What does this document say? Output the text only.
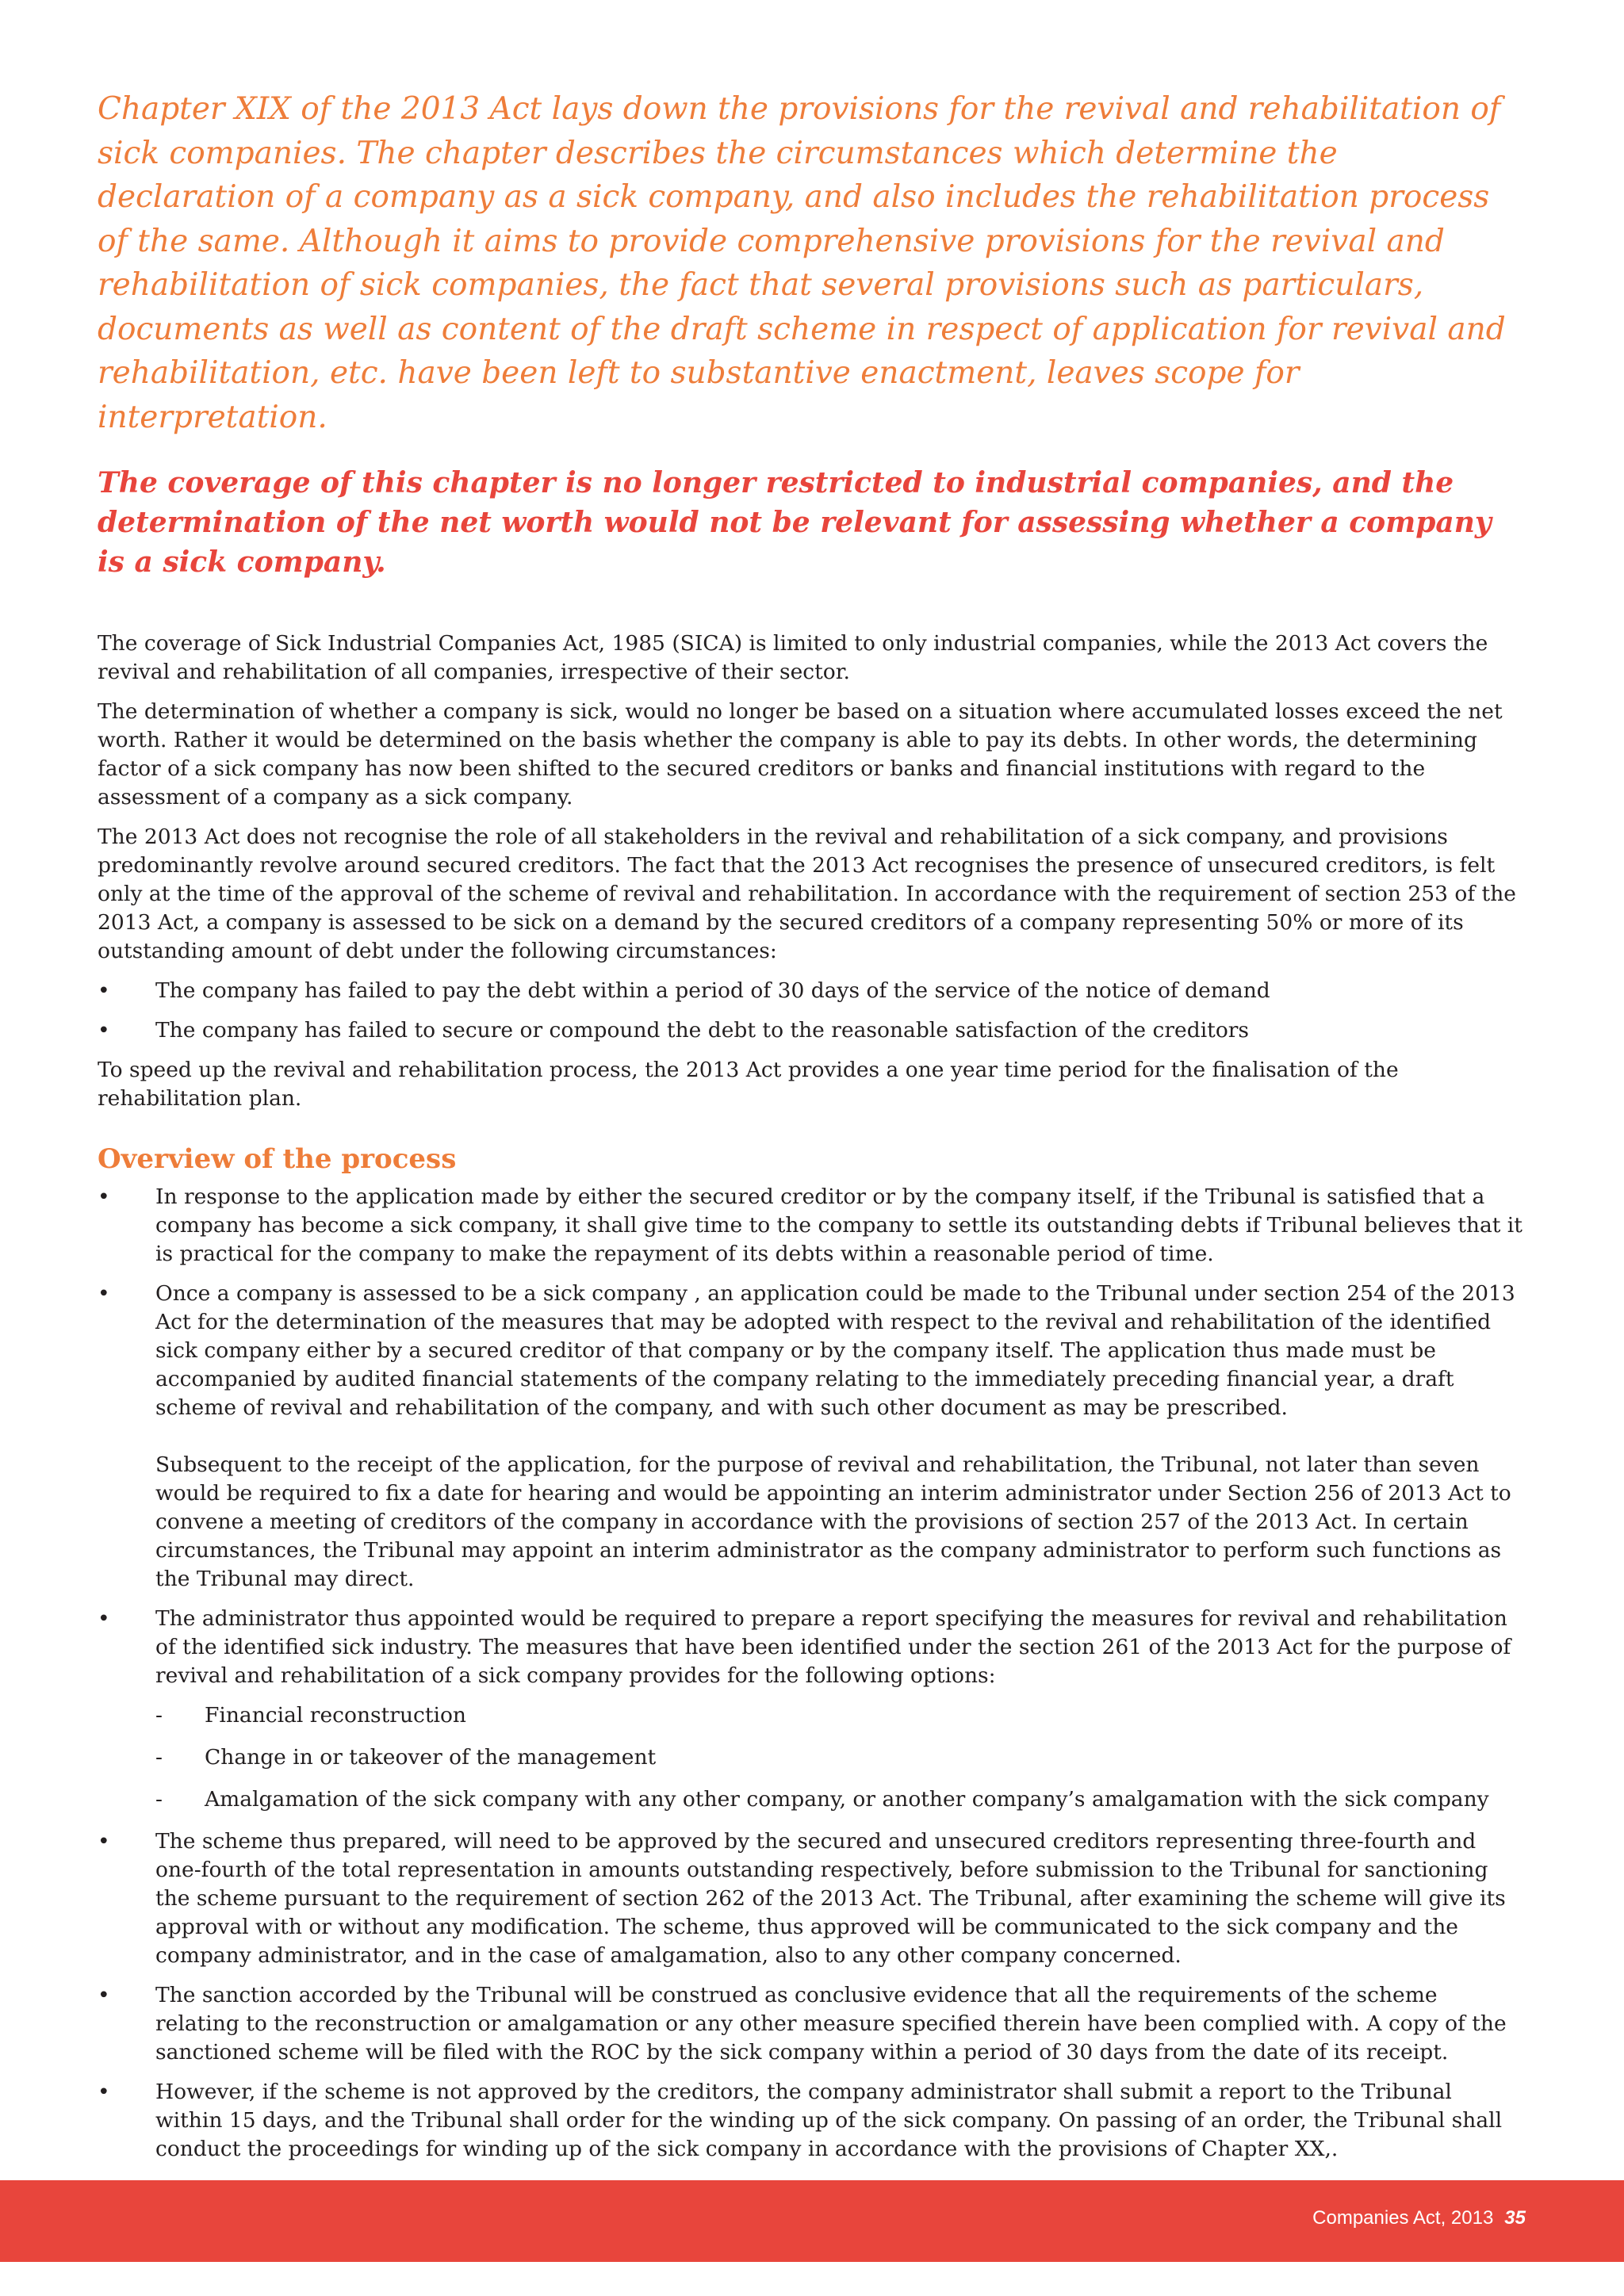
Chapter XIX of the 2013 Act lays down the provisions for the revival and rehabilitation of sick companies. The chapter describes the circumstances which determine the declaration of a company as a sick company, and also includes the rehabilitation process of the same. Although it aims to provide comprehensive provisions for the revival and rehabilitation of sick companies, the fact that several provisions such as particulars, documents as well as content of the draft scheme in respect of application for revival and rehabilitation, etc. have been left to substantive enactment, leaves scope for interpretation.

The coverage of this chapter is no longer restricted to industrial companies, and the determination of the net worth would not be relevant for assessing whether a company is a sick company.

The coverage of Sick Industrial Companies Act, 1985 (SICA) is limited to only industrial companies, while the 2013 Act covers the revival and rehabilitation of all companies, irrespective of their sector.

The determination of whether a company is sick, would no longer be based on a situation where accumulated losses exceed the net worth. Rather it would be determined on the basis whether the company is able to pay its debts. In other words, the determining factor of a sick company has now been shifted to the secured creditors or banks and financial institutions with regard to the assessment of a company as a sick company.

The 2013 Act does not recognise the role of all stakeholders in the revival and rehabilitation of a sick company, and provisions predominantly revolve around secured creditors. The fact that the 2013 Act recognises the presence of unsecured creditors, is felt only at the time of the approval of the scheme of revival and rehabilitation. In accordance with the requirement of section 253 of the 2013 Act, a company is assessed to be sick on a demand by the secured creditors of a company representing 50% or more of its outstanding amount of debt under the following circumstances:

• The company has failed to pay the debt within a period of 30 days of the service of the notice of demand
• The company has failed to secure or compound the debt to the reasonable satisfaction of the creditors

To speed up the revival and rehabilitation process, the 2013 Act provides a one year time period for the finalisation of the rehabilitation plan.

Overview of the process
• In response to the application made by either the secured creditor or by the company itself, if the Tribunal is satisfied that a company has become a sick company, it shall give time to the company to settle its outstanding debts if Tribunal believes that it is practical for the company to make the repayment of its debts within a reasonable period of time.
• Once a company is assessed to be a sick company , an application could be made to the Tribunal under section 254 of the 2013 Act for the determination of the measures that may be adopted with respect to the revival and rehabilitation of the identified sick company either by a secured creditor of that company or by the company itself. The application thus made must be accompanied by audited financial statements of the company relating to the immediately preceding financial year, a draft scheme of revival and rehabilitation of the company, and with such other document as may be prescribed.
Subsequent to the receipt of the application, for the purpose of revival and rehabilitation, the Tribunal, not later than seven would be required to fix a date for hearing and would be appointing an interim administrator under Section 256 of 2013 Act to convene a meeting of creditors of the company in accordance with the provisions of section 257 of the 2013 Act. In certain circumstances, the Tribunal may appoint an interim administrator as the company administrator to perform such functions as the Tribunal may direct.
• The administrator thus appointed would be required to prepare a report specifying the measures for revival and rehabilitation of the identified sick industry. The measures that have been identified under the section 261 of the 2013 Act for the purpose of revival and rehabilitation of a sick company provides for the following options:
- Financial reconstruction
- Change in or takeover of the management
- Amalgamation of the sick company with any other company, or another company’s amalgamation with the sick company
• The scheme thus prepared, will need to be approved by the secured and unsecured creditors representing three-fourth and one-fourth of the total representation in amounts outstanding respectively, before submission to the Tribunal for sanctioning the scheme pursuant to the requirement of section 262 of the 2013 Act. The Tribunal, after examining the scheme will give its approval with or without any modification. The scheme, thus approved will be communicated to the sick company and the company administrator, and in the case of amalgamation, also to any other company concerned.
• The sanction accorded by the Tribunal will be construed as conclusive evidence that all the requirements of the scheme relating to the reconstruction or amalgamation or any other measure specified therein have been complied with. A copy of the sanctioned scheme will be filed with the ROC by the sick company within a period of 30 days from the date of its receipt.
• However, if the scheme is not approved by the creditors, the company administrator shall submit a report to the Tribunal within 15 days, and the Tribunal shall order for the winding up of the sick company. On passing of an order, the Tribunal shall conduct the proceedings for winding up of the sick company in accordance with the provisions of Chapter XX,.
Companies Act, 2013 35
